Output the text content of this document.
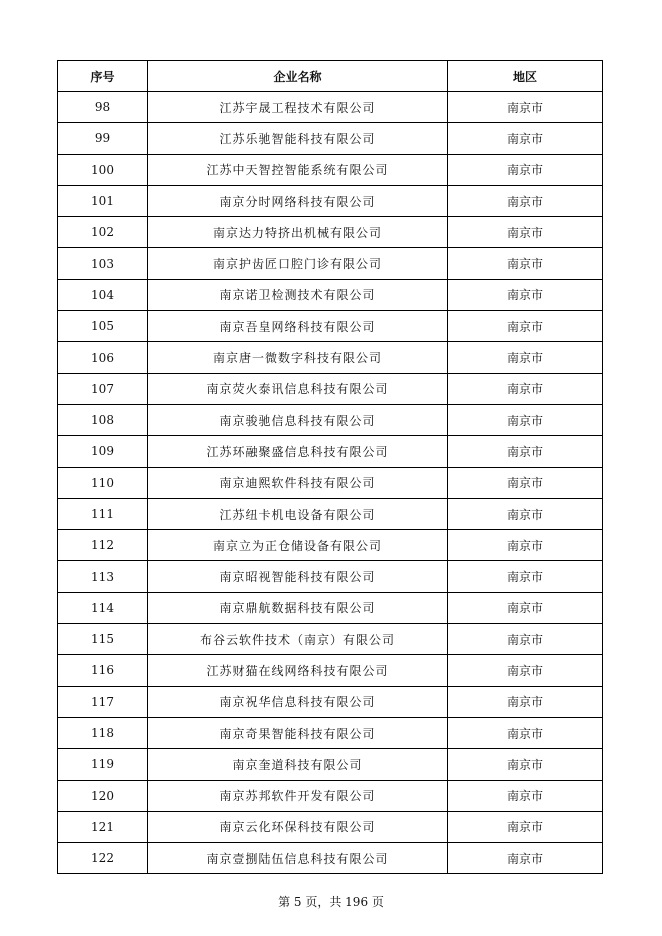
序号	企业名称	地区
98	江苏宇晟工程技术有限公司	南京市
99	江苏乐驰智能科技有限公司	南京市
100	江苏中天智控智能系统有限公司	南京市
101	南京分时网络科技有限公司	南京市
102	南京达力特挤出机械有限公司	南京市
103	南京护齿匠口腔门诊有限公司	南京市
104	南京诺卫检测技术有限公司	南京市
105	南京吾皇网络科技有限公司	南京市
106	南京唐一微数字科技有限公司	南京市
107	南京荧火泰讯信息科技有限公司	南京市
108	南京骏驰信息科技有限公司	南京市
109	江苏环融聚盛信息科技有限公司	南京市
110	南京迪熙软件科技有限公司	南京市
111	江苏纽卡机电设备有限公司	南京市
112	南京立为正仓储设备有限公司	南京市
113	南京昭视智能科技有限公司	南京市
114	南京鼎航数据科技有限公司	南京市
115	布谷云软件技术（南京）有限公司	南京市
116	江苏财猫在线网络科技有限公司	南京市
117	南京祝华信息科技有限公司	南京市
118	南京奇果智能科技有限公司	南京市
119	南京奎道科技有限公司	南京市
120	南京苏邦软件开发有限公司	南京市
121	南京云化环保科技有限公司	南京市
122	南京壹捌陆伍信息科技有限公司	南京市
第 5 页，共 196 页
